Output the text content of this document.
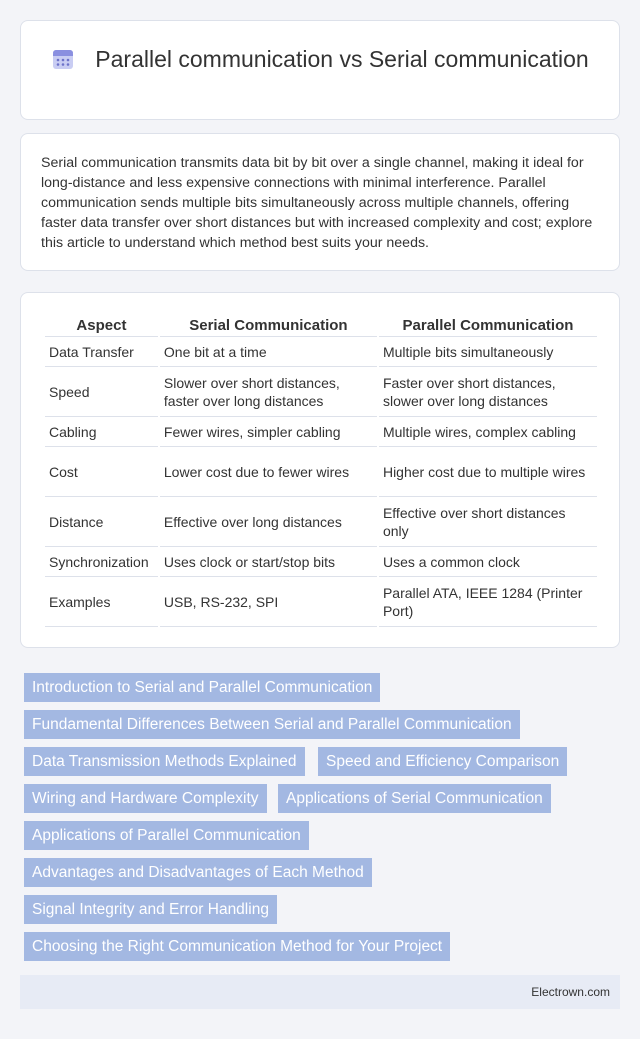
Parallel communication vs Serial communication

Serial communication transmits data bit by bit over a single channel, making it ideal for long-distance and less expensive connections with minimal interference. Parallel communication sends multiple bits simultaneously across multiple channels, offering faster data transfer over short distances but with increased complexity and cost; explore this article to understand which method best suits your needs.

Aspect	Serial Communication	Parallel Communication
Data Transfer	One bit at a time	Multiple bits simultaneously
Speed	Slower over short distances, faster over long distances	Faster over short distances, slower over long distances
Cabling	Fewer wires, simpler cabling	Multiple wires, complex cabling
Cost	Lower cost due to fewer wires	Higher cost due to multiple wires
Distance	Effective over long distances	Effective over short distances only
Synchronization	Uses clock or start/stop bits	Uses a common clock
Examples	USB, RS-232, SPI	Parallel ATA, IEEE 1284 (Printer Port)
Introduction to Serial and Parallel Communication
Fundamental Differences Between Serial and Parallel Communication
Data Transmission Methods Explained	Speed and Efficiency Comparison
Wiring and Hardware Complexity	Applications of Serial Communication
Applications of Parallel Communication
Advantages and Disadvantages of Each Method
Signal Integrity and Error Handling
Choosing the Right Communication Method for Your Project
Electrown.com
